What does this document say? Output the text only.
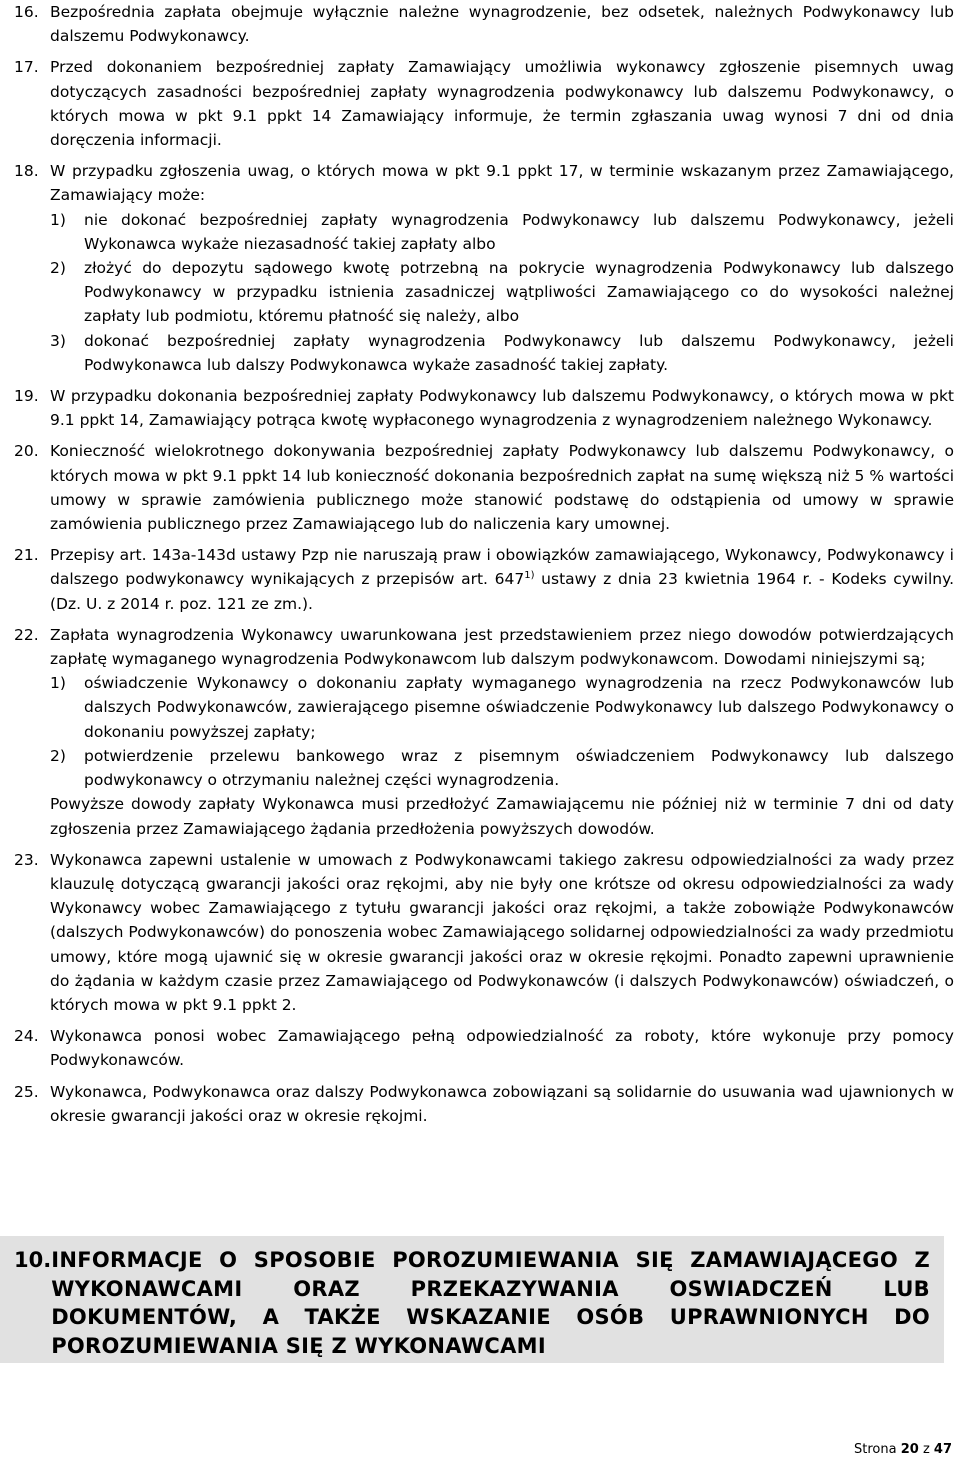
16. Bezpośrednia zapłata obejmuje wyłącznie należne wynagrodzenie, bez odsetek, należnych Podwykonawcy lub dalszemu Podwykonawcy.

17. Przed dokonaniem bezpośredniej zapłaty Zamawiający umożliwia wykonawcy zgłoszenie pisemnych uwag dotyczących zasadności bezpośredniej zapłaty wynagrodzenia podwykonawcy lub dalszemu Podwykonawcy, o których mowa w pkt 9.1 ppkt 14 Zamawiający informuje, że termin zgłaszania uwag wynosi 7 dni od dnia doręczenia informacji.

18. W przypadku zgłoszenia uwag, o których mowa w pkt 9.1 ppkt 17, w terminie wskazanym przez Zamawiającego, Zamawiający może:

1)	nie dokonać bezpośredniej zapłaty wynagrodzenia Podwykonawcy lub dalszemu Podwykonawcy, jeżeli Wykonawca wykaże niezasadność takiej zapłaty albo
2)	złożyć do depozytu sądowego kwotę potrzebną na pokrycie wynagrodzenia Podwykonawcy lub dalszego Podwykonawcy w przypadku istnienia zasadniczej wątpliwości Zamawiającego co do wysokości należnej zapłaty lub podmiotu, któremu płatność się należy, albo
3)	dokonać bezpośredniej zapłaty wynagrodzenia Podwykonawcy lub dalszemu Podwykonawcy, jeżeli Podwykonawca lub dalszy Podwykonawca wykaże zasadność takiej zapłaty.
19. W przypadku dokonania bezpośredniej zapłaty Podwykonawcy lub dalszemu Podwykonawcy, o których mowa w pkt 9.1 ppkt 14, Zamawiający potrąca kwotę wypłaconego wynagrodzenia z wynagrodzeniem należnego Wykonawcy.

20. Konieczność wielokrotnego dokonywania bezpośredniej zapłaty Podwykonawcy lub dalszemu Podwykonawcy, o których mowa w pkt 9.1 ppkt 14 lub konieczność dokonania bezpośrednich zapłat na sumę większą niż 5 % wartości umowy w sprawie zamówienia publicznego może stanowić podstawę do odstąpienia od umowy w sprawie zamówienia publicznego przez Zamawiającego lub do naliczenia kary umownej.

21. Przepisy art. 143a-143d ustawy Pzp nie naruszają praw i obowiązków zamawiającego, Wykonawcy, Podwykonawcy i dalszego podwykonawcy wynikających z przepisów art. 647$^{1)}$ ustawy z dnia 23 kwietnia 1964 r. - Kodeks cywilny. (Dz. U. z 2014 r. poz. 121 ze zm.).

22. Zapłata wynagrodzenia Wykonawcy uwarunkowana jest przedstawieniem przez niego dowodów potwierdzających zapłatę wymaganego wynagrodzenia Podwykonawcom lub dalszym podwykonawcom. Dowodami niniejszymi są;

1)	oświadczenie Wykonawcy o dokonaniu zapłaty wymaganego wynagrodzenia na rzecz Podwykonawców lub dalszych Podwykonawców, zawierającego pisemne oświadczenie Podwykonawcy lub dalszego Podwykonawcy o dokonaniu powyższej zapłaty;
2)	potwierdzenie przelewu bankowego wraz z pisemnym oświadczeniem Podwykonawcy lub dalszego podwykonawcy o otrzymaniu należnej części wynagrodzenia.

Powyższe dowody zapłaty Wykonawca musi przedłożyć Zamawiającemu nie później niż w terminie 7 dni od daty zgłoszenia przez Zamawiającego żądania przedłożenia powyższych dowodów.

23. Wykonawca zapewni ustalenie w umowach z Podwykonawcami takiego zakresu odpowiedzialności za wady przez klauzulę dotyczącą gwarancji jakości oraz rękojmi, aby nie były one krótsze od okresu odpowiedzialności za wady Wykonawcy wobec Zamawiającego z tytułu gwarancji jakości oraz rękojmi, a także zobowiąże Podwykonawców (dalszych Podwykonawców) do ponoszenia wobec Zamawiającego solidarnej odpowiedzialności za wady przedmiotu umowy, które mogą ujawnić się w okresie gwarancji jakości oraz w okresie rękojmi. Ponadto zapewni uprawnienie do żądania w każdym czasie przez Zamawiającego od Podwykonawców (i dalszych Podwykonawców) oświadczeń, o których mowa w pkt 9.1 ppkt 2.

24. Wykonawca ponosi wobec Zamawiającego pełną odpowiedzialność za roboty, które wykonuje przy pomocy Podwykonawców.

25. Wykonawca, Podwykonawca oraz dalszy Podwykonawca zobowiązani są solidarnie do usuwania wad ujawnionych w okresie gwarancji jakości oraz w okresie rękojmi.

10. INFORMACJE O SPOSOBIE POROZUMIEWANIA SIĘ ZAMAWIAJĄCEGO Z WYKONAWCAMI ORAZ PRZEKAZYWANIA OSWIADCZEŃ LUB DOKUMENTÓW, A TAKŻE WSKAZANIE OSÓB UPRAWNIONYCH DO POROZUMIEWANIA SIĘ Z WYKONAWCAMI
Strona 20 z 47
